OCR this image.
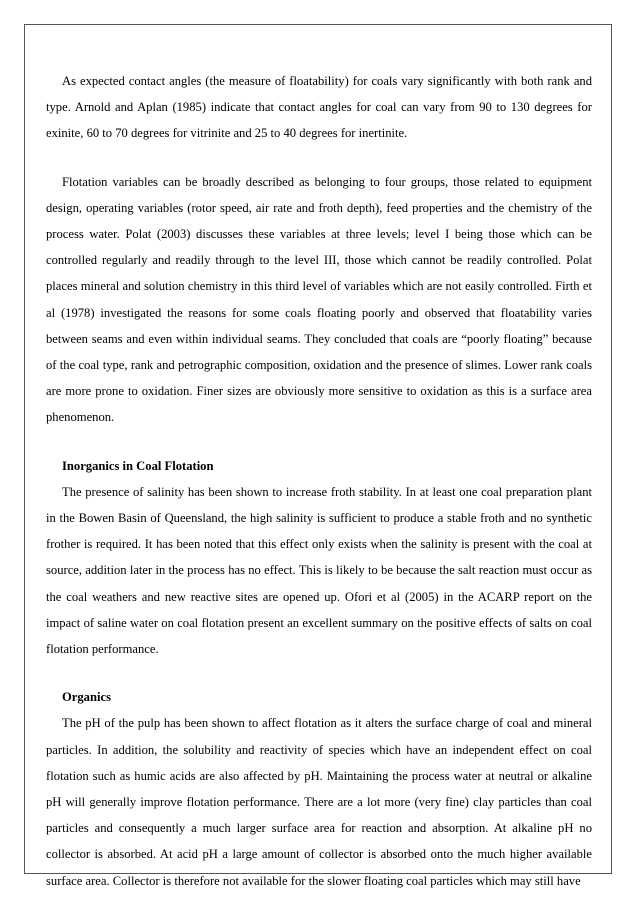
As expected contact angles (the measure of floatability) for coals vary significantly with both rank and type. Arnold and Aplan (1985) indicate that contact angles for coal can vary from 90 to 130 degrees for exinite, 60 to 70 degrees for vitrinite and 25 to 40 degrees for inertinite.

Flotation variables can be broadly described as belonging to four groups, those related to equipment design, operating variables (rotor speed, air rate and froth depth), feed properties and the chemistry of the process water. Polat (2003) discusses these variables at three levels; level I being those which can be controlled regularly and readily through to the level III, those which cannot be readily controlled. Polat places mineral and solution chemistry in this third level of variables which are not easily controlled. Firth et al (1978) investigated the reasons for some coals floating poorly and observed that floatability varies between seams and even within individual seams. They concluded that coals are “poorly floating” because of the coal type, rank and petrographic composition, oxidation and the presence of slimes. Lower rank coals are more prone to oxidation. Finer sizes are obviously more sensitive to oxidation as this is a surface area phenomenon.

Inorganics in Coal Flotation

The presence of salinity has been shown to increase froth stability. In at least one coal preparation plant in the Bowen Basin of Queensland, the high salinity is sufficient to produce a stable froth and no synthetic frother is required. It has been noted that this effect only exists when the salinity is present with the coal at source, addition later in the process has no effect. This is likely to be because the salt reaction must occur as the coal weathers and new reactive sites are opened up. Ofori et al (2005) in the ACARP report on the impact of saline water on coal flotation present an excellent summary on the positive effects of salts on coal flotation performance.

Organics

The pH of the pulp has been shown to affect flotation as it alters the surface charge of coal and mineral particles. In addition, the solubility and reactivity of species which have an independent effect on coal flotation such as humic acids are also affected by pH. Maintaining the process water at neutral or alkaline pH will generally improve flotation performance. There are a lot more (very fine) clay particles than coal particles and consequently a much larger surface area for reaction and absorption. At alkaline pH no collector is absorbed. At acid pH a large amount of collector is absorbed onto the much higher available surface area. Collector is therefore not available for the slower floating coal particles which may still have
